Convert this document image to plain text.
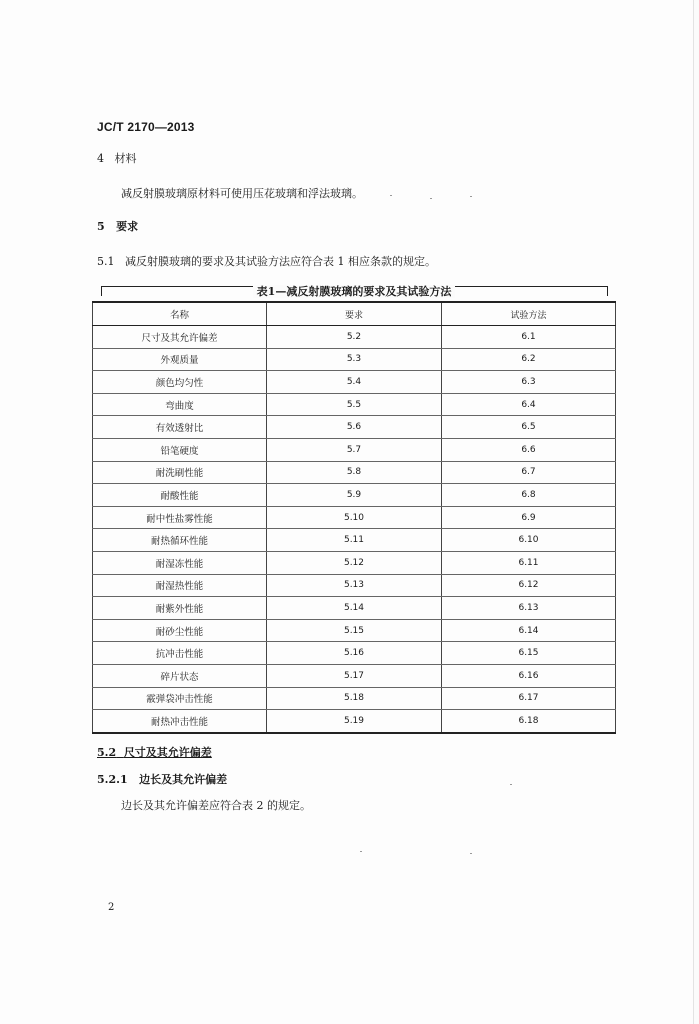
JC/T 2170—2013
4 材料
减反射膜玻璃原材料可使用压花玻璃和浮法玻璃。
5 要求
5.1 减反射膜玻璃的要求及其试验方法应符合表 1 相应条款的规定。
表1—减反射膜玻璃的要求及其试验方法
名称	要求	试验方法
尺寸及其允许偏差	5.2	6.1
外观质量	5.3	6.2
颜色均匀性	5.4	6.3
弯曲度	5.5	6.4
有效透射比	5.6	6.5
铅笔硬度	5.7	6.6
耐洗刷性能	5.8	6.7
耐酸性能	5.9	6.8
耐中性盐雾性能	5.10	6.9
耐热循环性能	5.11	6.10
耐湿冻性能	5.12	6.11
耐湿热性能	5.13	6.12
耐紫外性能	5.14	6.13
耐砂尘性能	5.15	6.14
抗冲击性能	5.16	6.15
碎片状态	5.17	6.16
霰弹袋冲击性能	5.18	6.17
耐热冲击性能	5.19	6.18
5.2 尺寸及其允许偏差
5.2.1 边长及其允许偏差
边长及其允许偏差应符合表 2 的规定。
2
